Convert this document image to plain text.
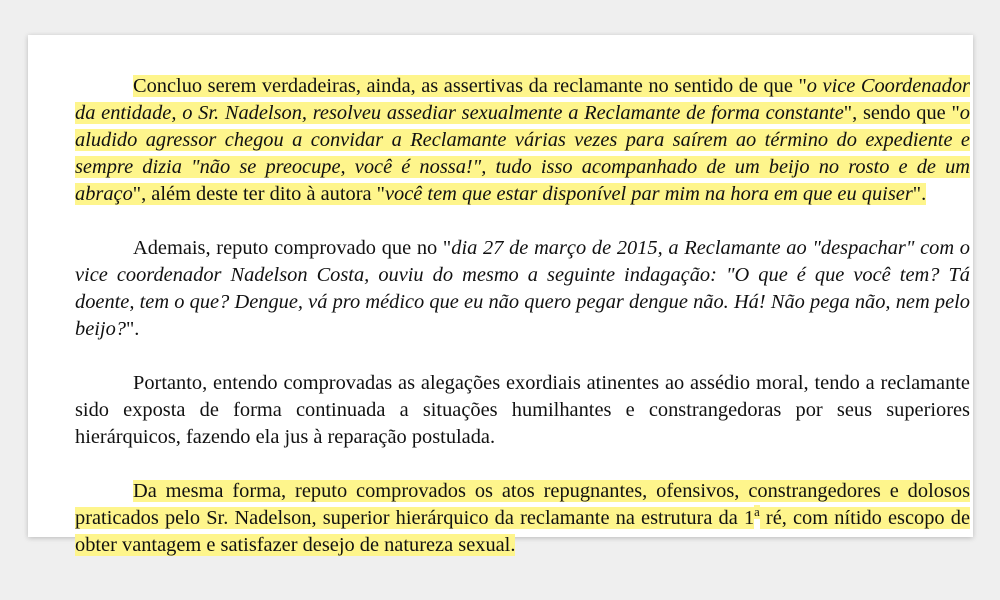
Concluo serem verdadeiras, ainda, as assertivas da reclamante no sentido de que "o vice Coordenador da entidade, o Sr. Nadelson, resolveu assediar sexualmente a Reclamante de forma constante", sendo que "o aludido agressor chegou a convidar a Reclamante várias vezes para saírem ao término do expediente e sempre dizia "não se preocupe, você é nossa!", tudo isso acompanhado de um beijo no rosto e de um abraço", além deste ter dito à autora "você tem que estar disponível par mim na hora em que eu quiser".

Ademais, reputo comprovado que no "dia 27 de março de 2015, a Reclamante ao "despachar" com o vice coordenador Nadelson Costa, ouviu do mesmo a seguinte indagação: "O que é que você tem? Tá doente, tem o que? Dengue, vá pro médico que eu não quero pegar dengue não. Há! Não pega não, nem pelo beijo?".

Portanto, entendo comprovadas as alegações exordiais atinentes ao assédio moral, tendo a reclamante sido exposta de forma continuada a situações humilhantes e constrangedoras por seus superiores hierárquicos, fazendo ela jus à reparação postulada.

Da mesma forma, reputo comprovados os atos repugnantes, ofensivos, constrangedores e dolosos praticados pelo Sr. Nadelson, superior hierárquico da reclamante na estrutura da 1$^a$ ré, com nítido escopo de obter vantagem e satisfazer desejo de natureza sexual.
